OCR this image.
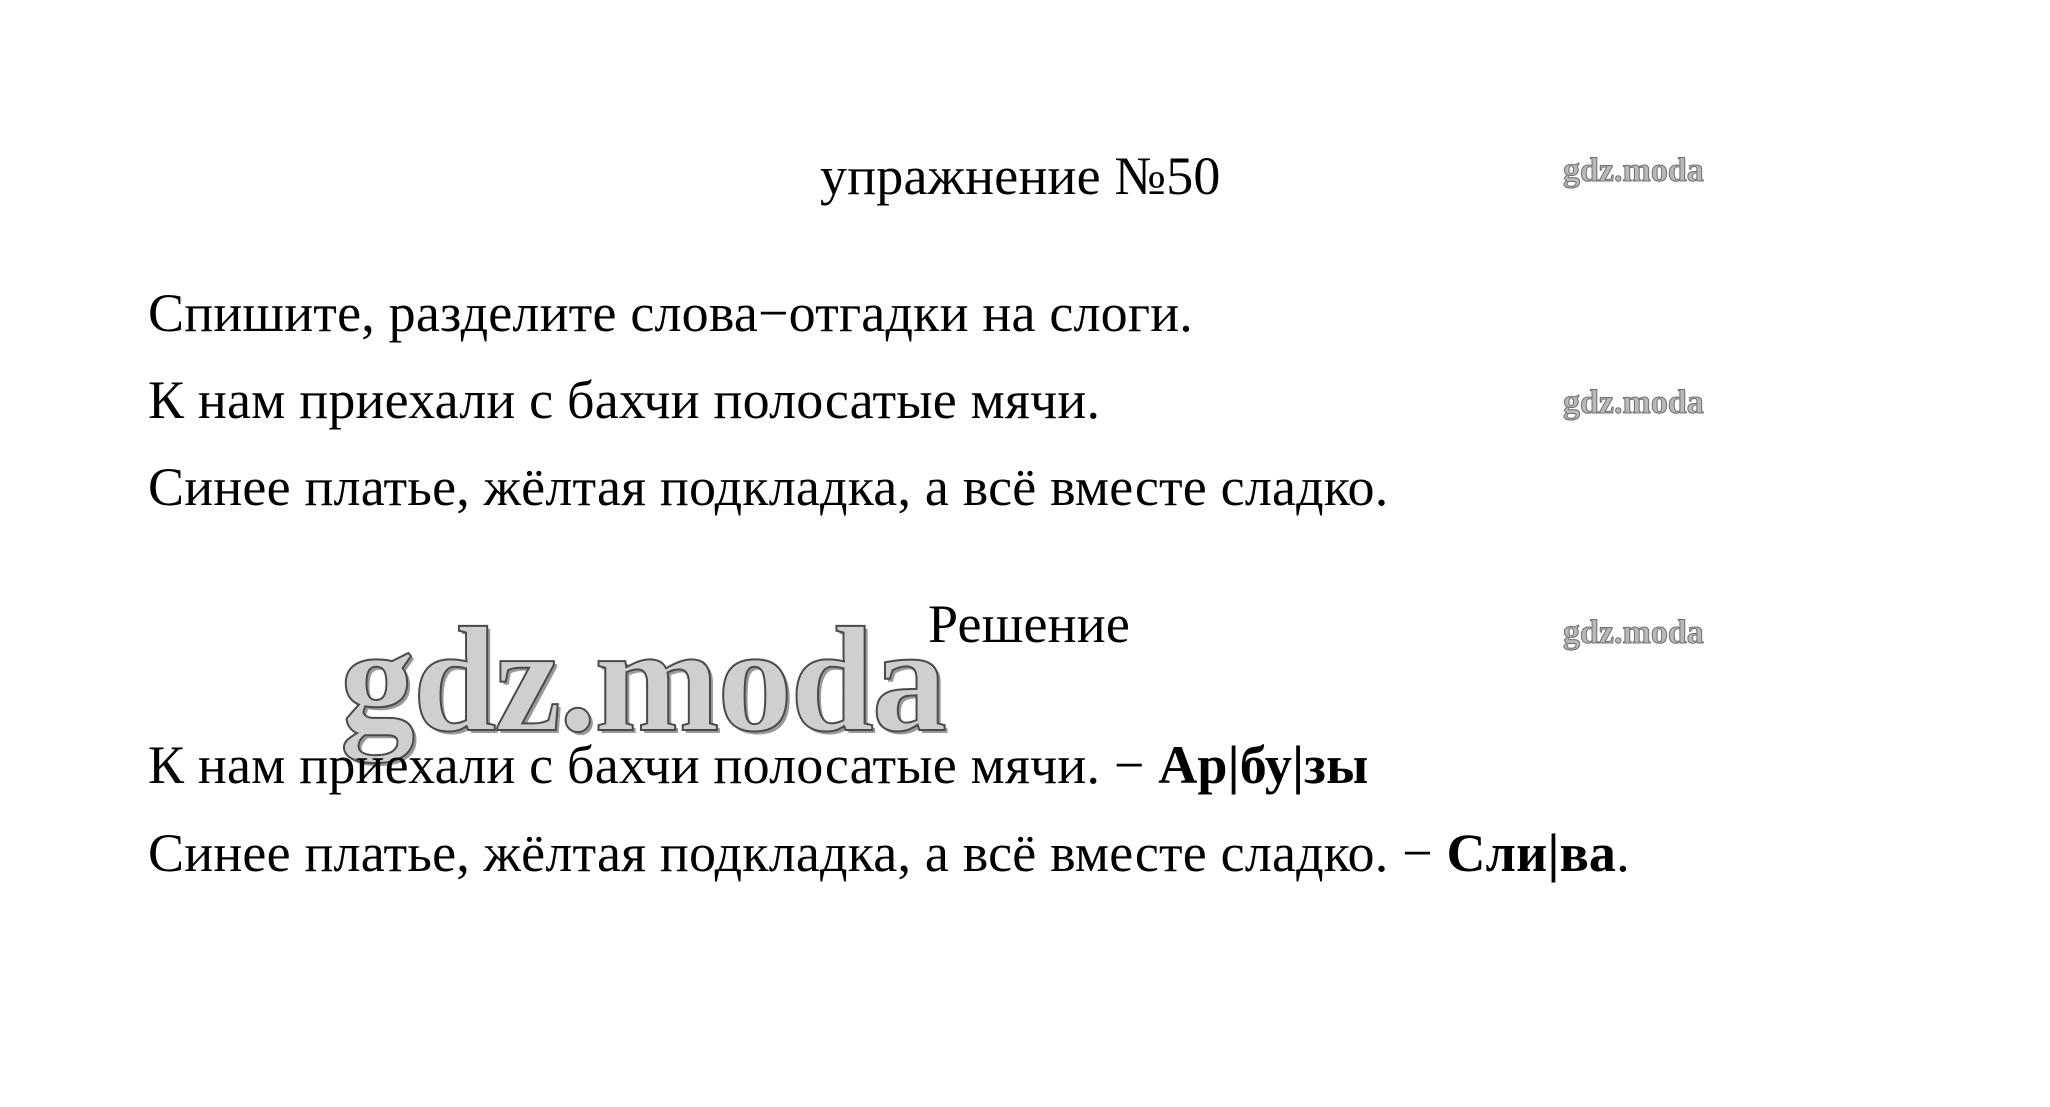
упражнение №50	gdz.moda
Спишите, разделите слова−отгадки на слоги.
К нам приехали с бахчи полосатые мячи.	gdz.moda
Синее платье, жёлтая подкладка, а всё вместе сладко.
gdz.moda
Решение	gdz.moda
К нам приехали с бахчи полосатые мячи. − Ар|бу|зы
Синее платье, жёлтая подкладка, а всё вместе сладко. − Сли|ва.
